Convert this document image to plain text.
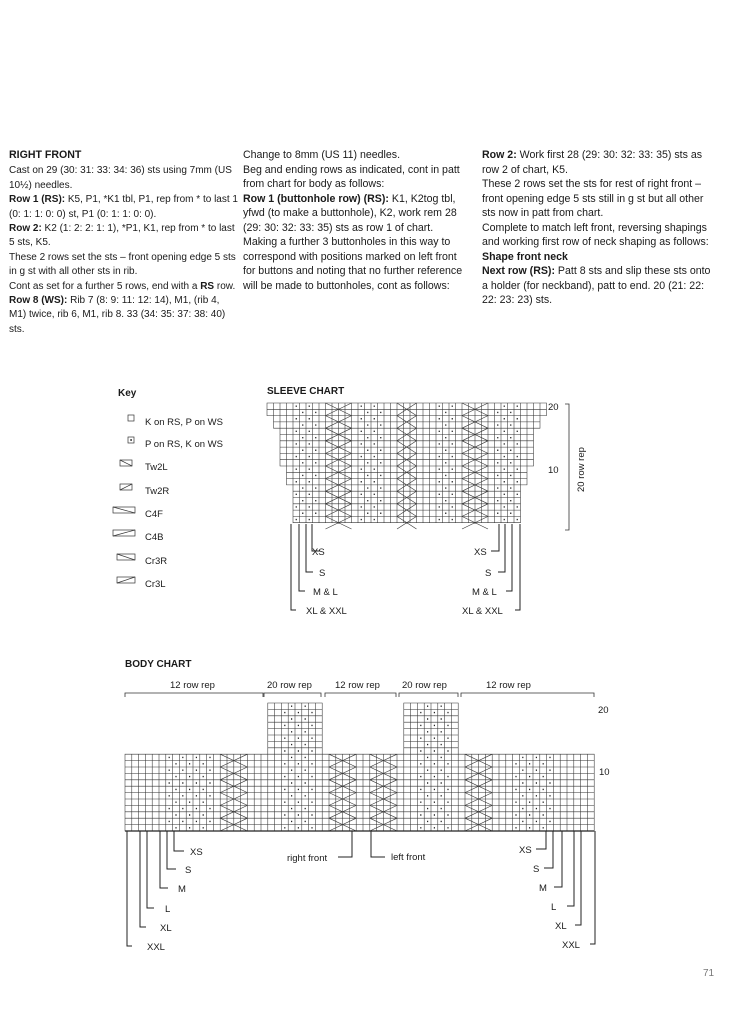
RIGHT FRONT

Cast on 29 (30: 31: 33: 34: 36) sts using 7mm (US 10½) needles.

Row 1 (RS): K5, P1, *K1 tbl, P1, rep from * to last 1 (0: 1: 1: 0: 0) st, P1 (0: 1: 1: 0: 0).

Row 2: K2 (1: 2: 2: 1: 1), *P1, K1, rep from * to last 5 sts, K5.

These 2 rows set the sts – front opening edge 5 sts in g st with all other sts in rib.

Cont as set for a further 5 rows, end with a RS row.

Row 8 (WS): Rib 7 (8: 9: 11: 12: 14), M1, (rib 4, M1) twice, rib 6, M1, rib 8. 33 (34: 35: 37: 38: 40) sts.

Change to 8mm (US 11) needles.

Beg and ending rows as indicated, cont in patt from chart for body as follows:

Row 1 (buttonhole row) (RS): K1, K2tog tbl, yfwd (to make a buttonhole), K2, work rem 28 (29: 30: 32: 33: 35) sts as row 1 of chart.

Making a further 3 buttonholes in this way to correspond with positions marked on left front for buttons and noting that no further reference will be made to buttonholes, cont as follows:

Row 2: Work first 28 (29: 30: 32: 33: 35) sts as row 2 of chart, K5.

These 2 rows set the sts for rest of right front – front opening edge 5 sts still in g st but all other sts now in patt from chart.

Complete to match left front, reversing shapings and working first row of neck shaping as follows:

Shape front neck

Next row (RS): Patt 8 sts and slip these sts onto a holder (for neckband), patt to end. 20 (21: 22: 22: 23: 23) sts.

Key
K on RS, P on WS
P on RS, K on WS
Tw2L
Tw2R
C4F
C4B
Cr3R
Cr3L
SLEEVE CHART
20
10 20 row rep
XS
S
M & L
XL & XXL
XS
S
M & L
XL & XXL
BODY CHART
12 row rep	20 row rep 12 row rep 20 row rep	12 row rep
20
10
right front	left front
XS
S
M
L
XL
XXL
XS
S
M
L
XL
XXL
71
